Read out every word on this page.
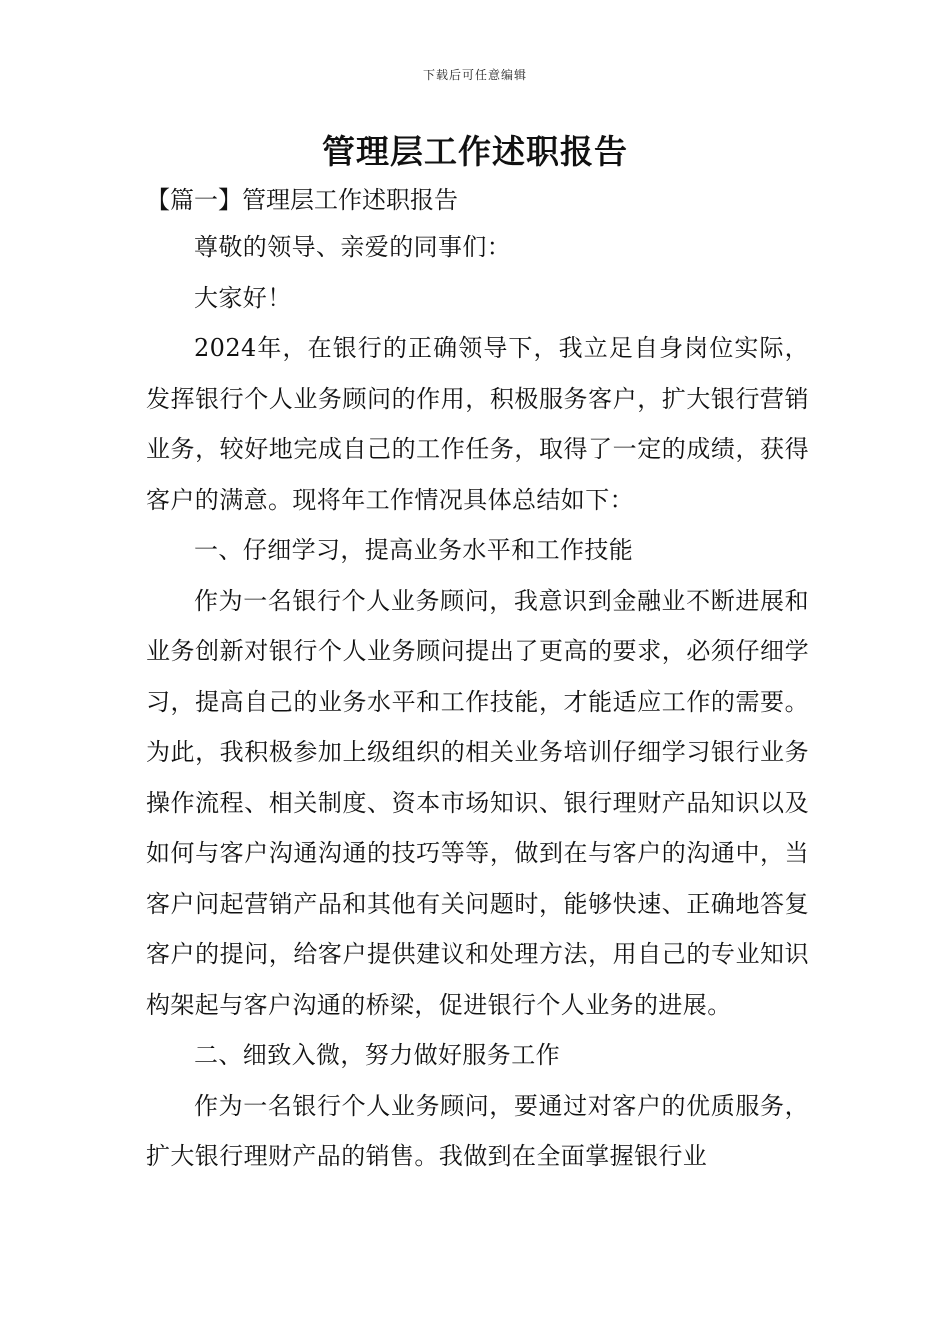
下载后可任意编辑
管理层工作述职报告
【篇一】管理层工作述职报告

尊敬的领导、亲爱的同事们：

大家好！

2024年，在银行的正确领导下，我立足自身岗位实际，发挥银行个人业务顾问的作用，积极服务客户，扩大银行营销业务，较好地完成自己的工作任务，取得了一定的成绩，获得客户的满意。现将年工作情况具体总结如下：

一、仔细学习，提高业务水平和工作技能

作为一名银行个人业务顾问，我意识到金融业不断进展和业务创新对银行个人业务顾问提出了更高的要求，必须仔细学习，提高自己的业务水平和工作技能，才能适应工作的需要。为此，我积极参加上级组织的相关业务培训仔细学习银行业务操作流程、相关制度、资本市场知识、银行理财产品知识以及如何与客户沟通沟通的技巧等等，做到在与客户的沟通中，当客户问起营销产品和其他有关问题时，能够快速、正确地答复客户的提问，给客户提供建议和处理方法，用自己的专业知识构架起与客户沟通的桥梁，促进银行个人业务的进展。

二、细致入微，努力做好服务工作

作为一名银行个人业务顾问，要通过对客户的优质服务，扩大银行理财产品的销售。我做到在全面掌握银行业
